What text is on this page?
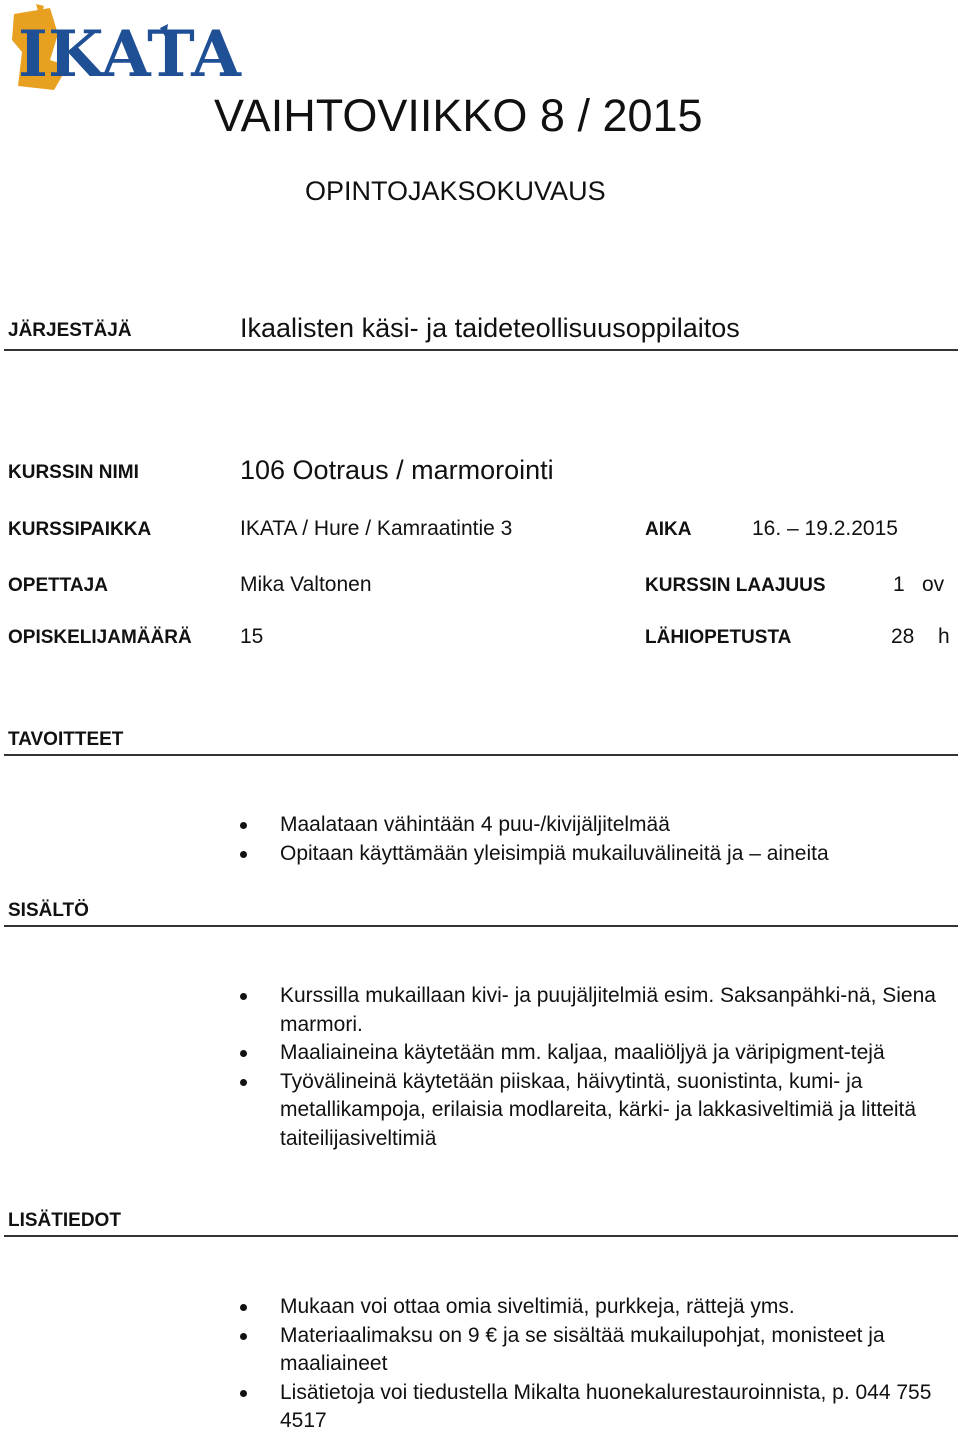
IKATA
VAIHTOVIIKKO 8 / 2015
OPINTOJAKSOKUVAUS
JÄRJESTÄJÄ	Ikaalisten käsi- ja taideteollisuusoppilaitos
KURSSIN NIMI	106 Ootraus / marmorointi
KURSSIPAIKKA	IKATA / Hure / Kamraatintie 3	AIKA	16. – 19.2.2015
OPETTAJA	Mika Valtonen	KURSSIN LAAJUUS	1 ov
OPISKELIJAMÄÄRÄ 15	LÄHIOPETUSTA	28 h
TAVOITTEET
Maalataan vähintään 4 puu-/kivijäljitelmää
Opitaan käyttämään yleisimpiä mukailuvälineitä ja – aineita
SISÄLTÖ
Kurssilla mukaillaan kivi- ja puujäljitelmiä esim. Saksanpähki-nä, Siena marmori.
Maaliaineina käytetään mm. kaljaa, maaliöljyä ja väripigment-tejä
Työvälineinä käytetään piiskaa, häivytintä, suonistinta, kumi- ja metallikampoja, erilaisia modlareita, kärki- ja lakkasiveltimiä ja litteitä taiteilijasiveltimiä
LISÄTIEDOT
Mukaan voi ottaa omia siveltimiä, purkkeja, rättejä yms.
Materiaalimaksu on 9 € ja se sisältää mukailupohjat, monisteet ja maaliaineet
Lisätietoja voi tiedustella Mikalta huonekalurestauroinnista, p. 044 755 4517
